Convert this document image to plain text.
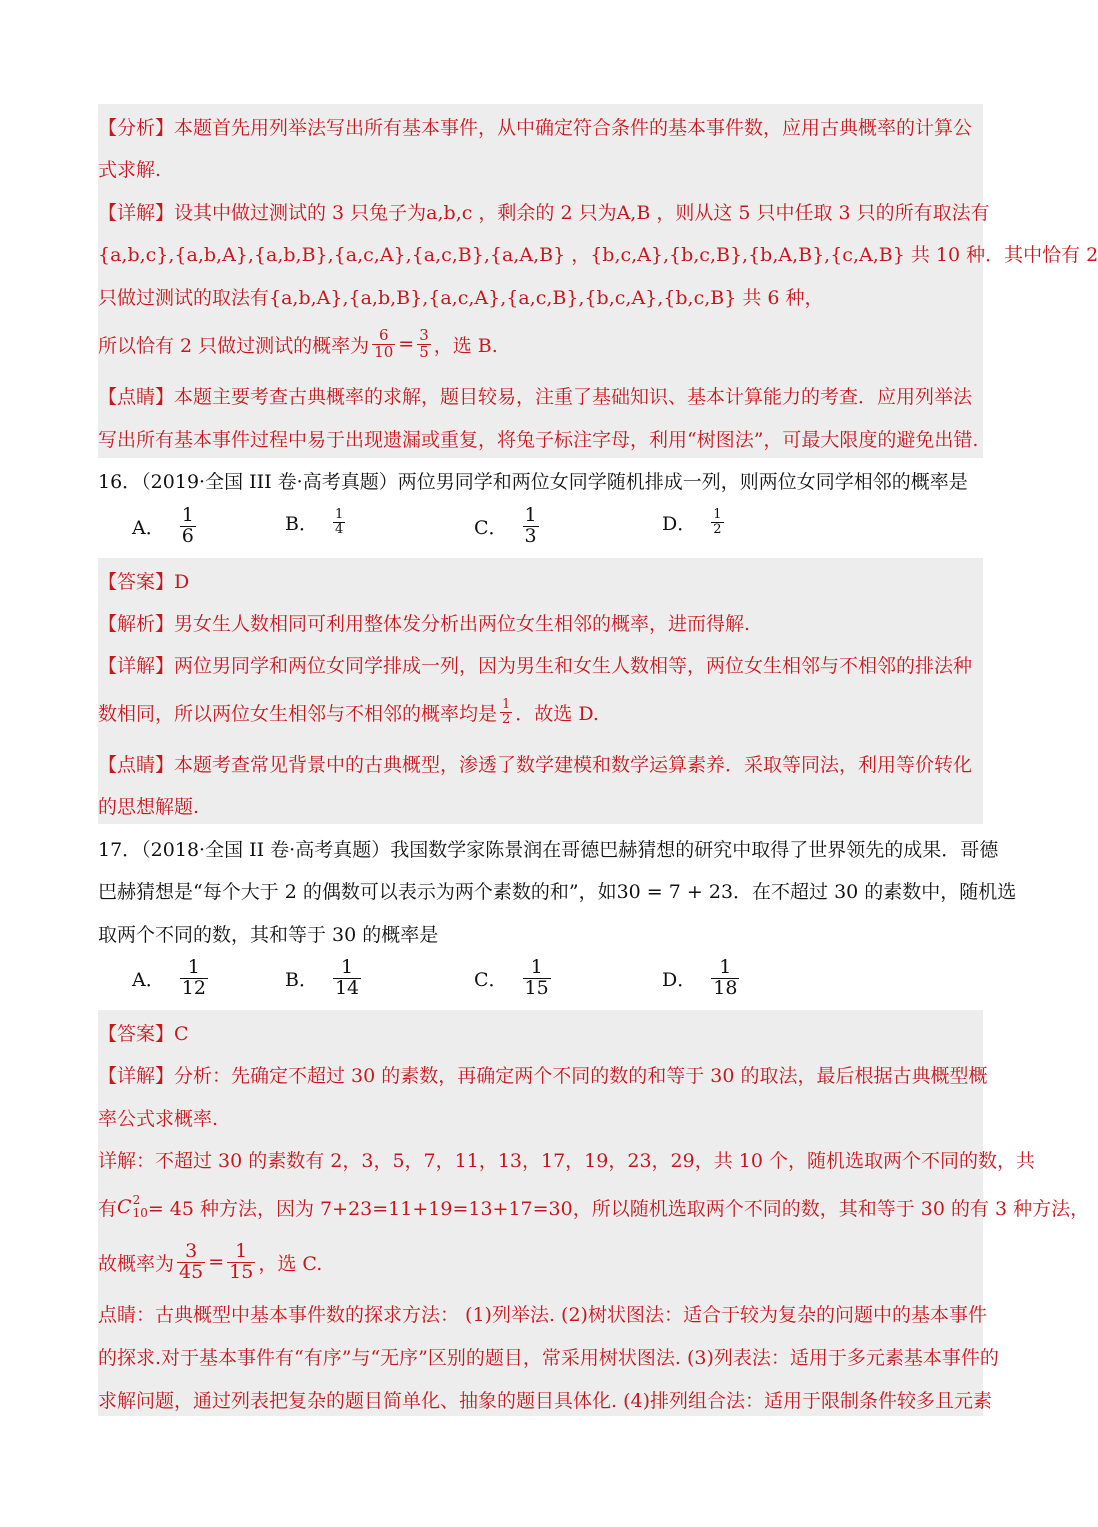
【分析】本题首先用列举法写出所有基本事件，从中确定符合条件的基本事件数，应用古典概率的计算公
式求解.
【详解】设其中做过测试的 3 只兔子为a,b,c ，剩余的 2 只为A,B ，则从这 5 只中任取 3 只的所有取法有
{a,b,c},{a,b,A},{a,b,B},{a,c,A},{a,c,B},{a,A,B} ，{b,c,A},{b,c,B},{b,A,B},{c,A,B} 共 10 种．其中恰有 2
只做过测试的取法有{a,b,A},{a,b,B},{a,c,A},{a,c,B},{b,c,A},{b,c,B} 共 6 种，
所以恰有 2 只做过测试的概率为 $\frac{6}{10} = \frac{3}{5}$ ，选 B.
【点睛】本题主要考查古典概率的求解，题目较易，注重了基础知识、基本计算能力的考查．应用列举法
写出所有基本事件过程中易于出现遗漏或重复，将兔子标注字母，利用“树图法”，可最大限度的避免出错.
16．（2019·全国 III 卷·高考真题）两位男同学和两位女同学随机排成一列，则两位女同学相邻的概率是
A． $\frac{1}{6}$	B． $\frac{1}{4}$	C． $\frac{1}{3}$	D． $\frac{1}{2}$
【答案】D
【解析】男女生人数相同可利用整体发分析出两位女生相邻的概率，进而得解.
【详解】两位男同学和两位女同学排成一列，因为男生和女生人数相等，两位女生相邻与不相邻的排法种
数相同，所以两位女生相邻与不相邻的概率均是 $\frac{1}{2}$ ．故选 D.
【点睛】本题考查常见背景中的古典概型，渗透了数学建模和数学运算素养．采取等同法，利用等价转化
的思想解题.
17．（2018·全国 II 卷·高考真题）我国数学家陈景润在哥德巴赫猜想的研究中取得了世界领先的成果．哥德
巴赫猜想是“每个大于 2 的偶数可以表示为两个素数的和”，如30 = 7 + 23．在不超过 30 的素数中，随机选
取两个不同的数，其和等于 30 的概率是
A． $\frac{1}{12}$	B． $\frac{1}{14}$	C． $\frac{1}{15}$	D． $\frac{1}{18}$
【答案】C
【详解】分析：先确定不超过 30 的素数，再确定两个不同的数的和等于 30 的取法，最后根据古典概型概
率公式求概率.
详解：不超过 30 的素数有 2，3，5，7，11，13，17，19，23，29，共 10 个，随机选取两个不同的数，共
有 C 2
10 = 45 种方法，因为 7+23=11+19=13+17=30，所以随机选取两个不同的数，其和等于 30 的有 3 种方法，
故概率为 $\frac{3}{45} = \frac{1}{15}$ ，选 C.
点睛：古典概型中基本事件数的探求方法： (1)列举法. (2)树状图法：适合于较为复杂的问题中的基本事件
的探求.对于基本事件有“有序”与“无序”区别的题目，常采用树状图法. (3)列表法：适用于多元素基本事件的
求解问题，通过列表把复杂的题目简单化、抽象的题目具体化. (4)排列组合法：适用于限制条件较多且元素
